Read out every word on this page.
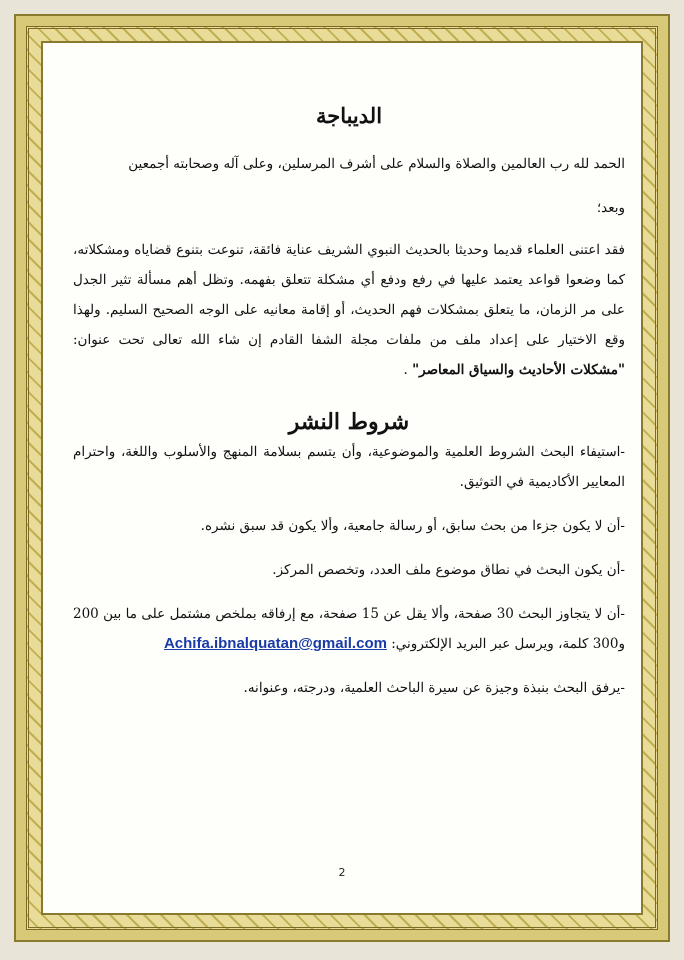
الديباجة

الحمد لله رب العالمين والصلاة والسلام على أشرف المرسلين، وعلى آله وصحابته أجمعين

وبعد؛

فقد اعتنى العلماء قديما وحديثا بالحديث النبوي الشريف عناية فائقة، تنوعت بتنوع قضاياه ومشكلاته، كما وضعوا قواعد يعتمد عليها في رفع ودفع أي مشكلة تتعلق بفهمه. وتظل أهم مسألة تثير الجدل على مر الزمان، ما يتعلق بمشكلات فهم الحديث، أو إقامة معانيه على الوجه الصحيح السليم. ولهذا وقع الاختيار على إعداد ملف من ملفات مجلة الشفا القادم إن شاء الله تعالى تحت عنوان: "مشكلات الأحاديث والسياق المعاصر" .

شروط النشر

-استيفاء البحث الشروط العلمية والموضوعية، وأن يتسم بسلامة المنهج والأسلوب واللغة، واحترام المعايير الأكاديمية في التوثيق.

-أن لا يكون جزءا من بحث سابق، أو رسالة جامعية، وألا يكون قد سبق نشره.

-أن يكون البحث في نطاق موضوع ملف العدد، وتخصص المركز.

-أن لا يتجاوز البحث 30 صفحة، وألا يقل عن 15 صفحة، مع إرفاقه بملخص مشتمل على ما بين 200 و300 كلمة، ويرسل عبر البريد الإلكتروني: Achifa.ibnalquatan@gmail.com

-يرفق البحث بنبذة وجيزة عن سيرة الباحث العلمية، ودرجته، وعنوانه.

2
